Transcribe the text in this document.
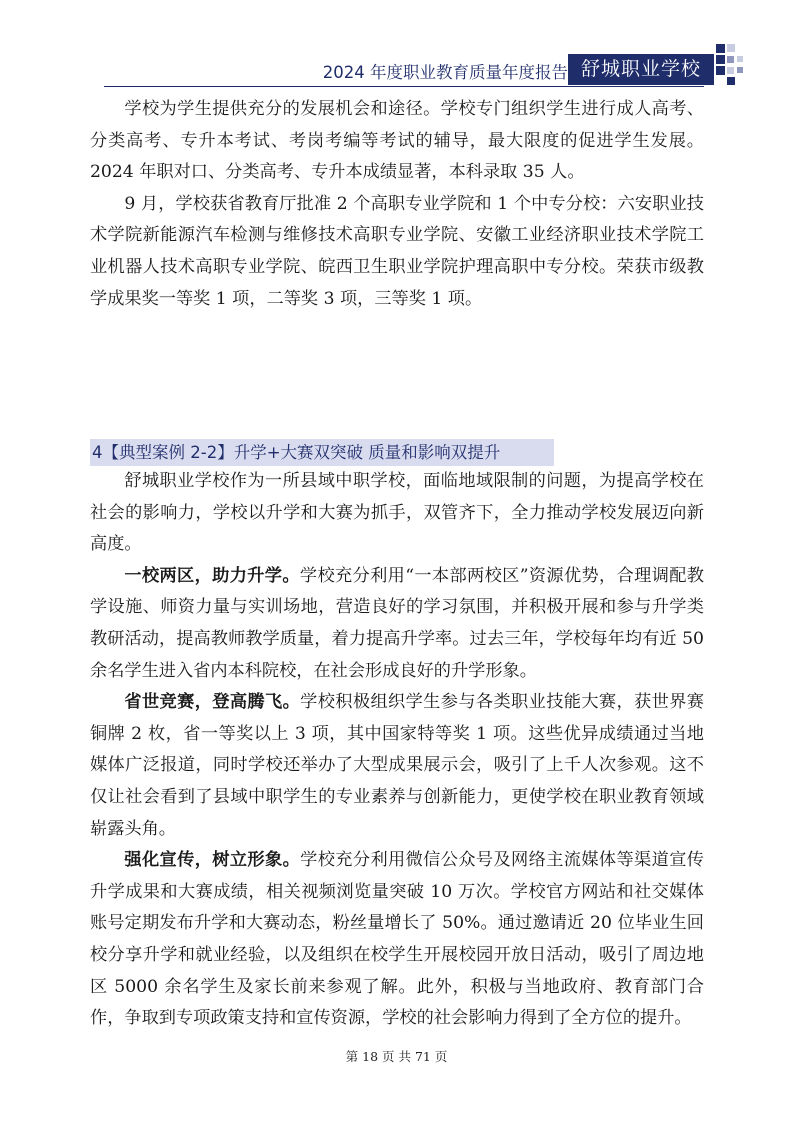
2024 年度职业教育质量年度报告 舒城职业学校

学校为学生提供充分的发展机会和途径。学校专门组织学生进行成人高考、分类高考、专升本考试、考岗考编等考试的辅导，最大限度的促进学生发展。2024 年职对口、分类高考、专升本成绩显著，本科录取 35 人。

9 月，学校获省教育厅批准 2 个高职专业学院和 1 个中专分校：六安职业技术学院新能源汽车检测与维修技术高职专业学院、安徽工业经济职业技术学院工业机器人技术高职专业学院、皖西卫生职业学院护理高职中专分校。荣获市级教学成果奖一等奖 1 项，二等奖 3 项，三等奖 1 项。

4【典型案例 2-2】升学+大赛双突破 质量和影响双提升

舒城职业学校作为一所县域中职学校，面临地域限制的问题，为提高学校在社会的影响力，学校以升学和大赛为抓手，双管齐下，全力推动学校发展迈向新高度。

一校两区，助力升学。学校充分利用“一本部两校区”资源优势，合理调配教学设施、师资力量与实训场地，营造良好的学习氛围，并积极开展和参与升学类教研活动，提高教师教学质量，着力提高升学率。过去三年，学校每年均有近 50 余名学生进入省内本科院校，在社会形成良好的升学形象。

省世竞赛，登高腾飞。学校积极组织学生参与各类职业技能大赛，获世界赛铜牌 2 枚，省一等奖以上 3 项，其中国家特等奖 1 项。这些优异成绩通过当地媒体广泛报道，同时学校还举办了大型成果展示会，吸引了上千人次参观。这不仅让社会看到了县域中职学生的专业素养与创新能力，更使学校在职业教育领域崭露头角。

强化宣传，树立形象。学校充分利用微信公众号及网络主流媒体等渠道宣传升学成果和大赛成绩，相关视频浏览量突破 10 万次。学校官方网站和社交媒体账号定期发布升学和大赛动态，粉丝量增长了 50%。通过邀请近 20 位毕业生回校分享升学和就业经验，以及组织在校学生开展校园开放日活动，吸引了周边地区 5000 余名学生及家长前来参观了解。此外，积极与当地政府、教育部门合作，争取到专项政策支持和宣传资源，学校的社会影响力得到了全方位的提升。

第 18 页 共 71 页
